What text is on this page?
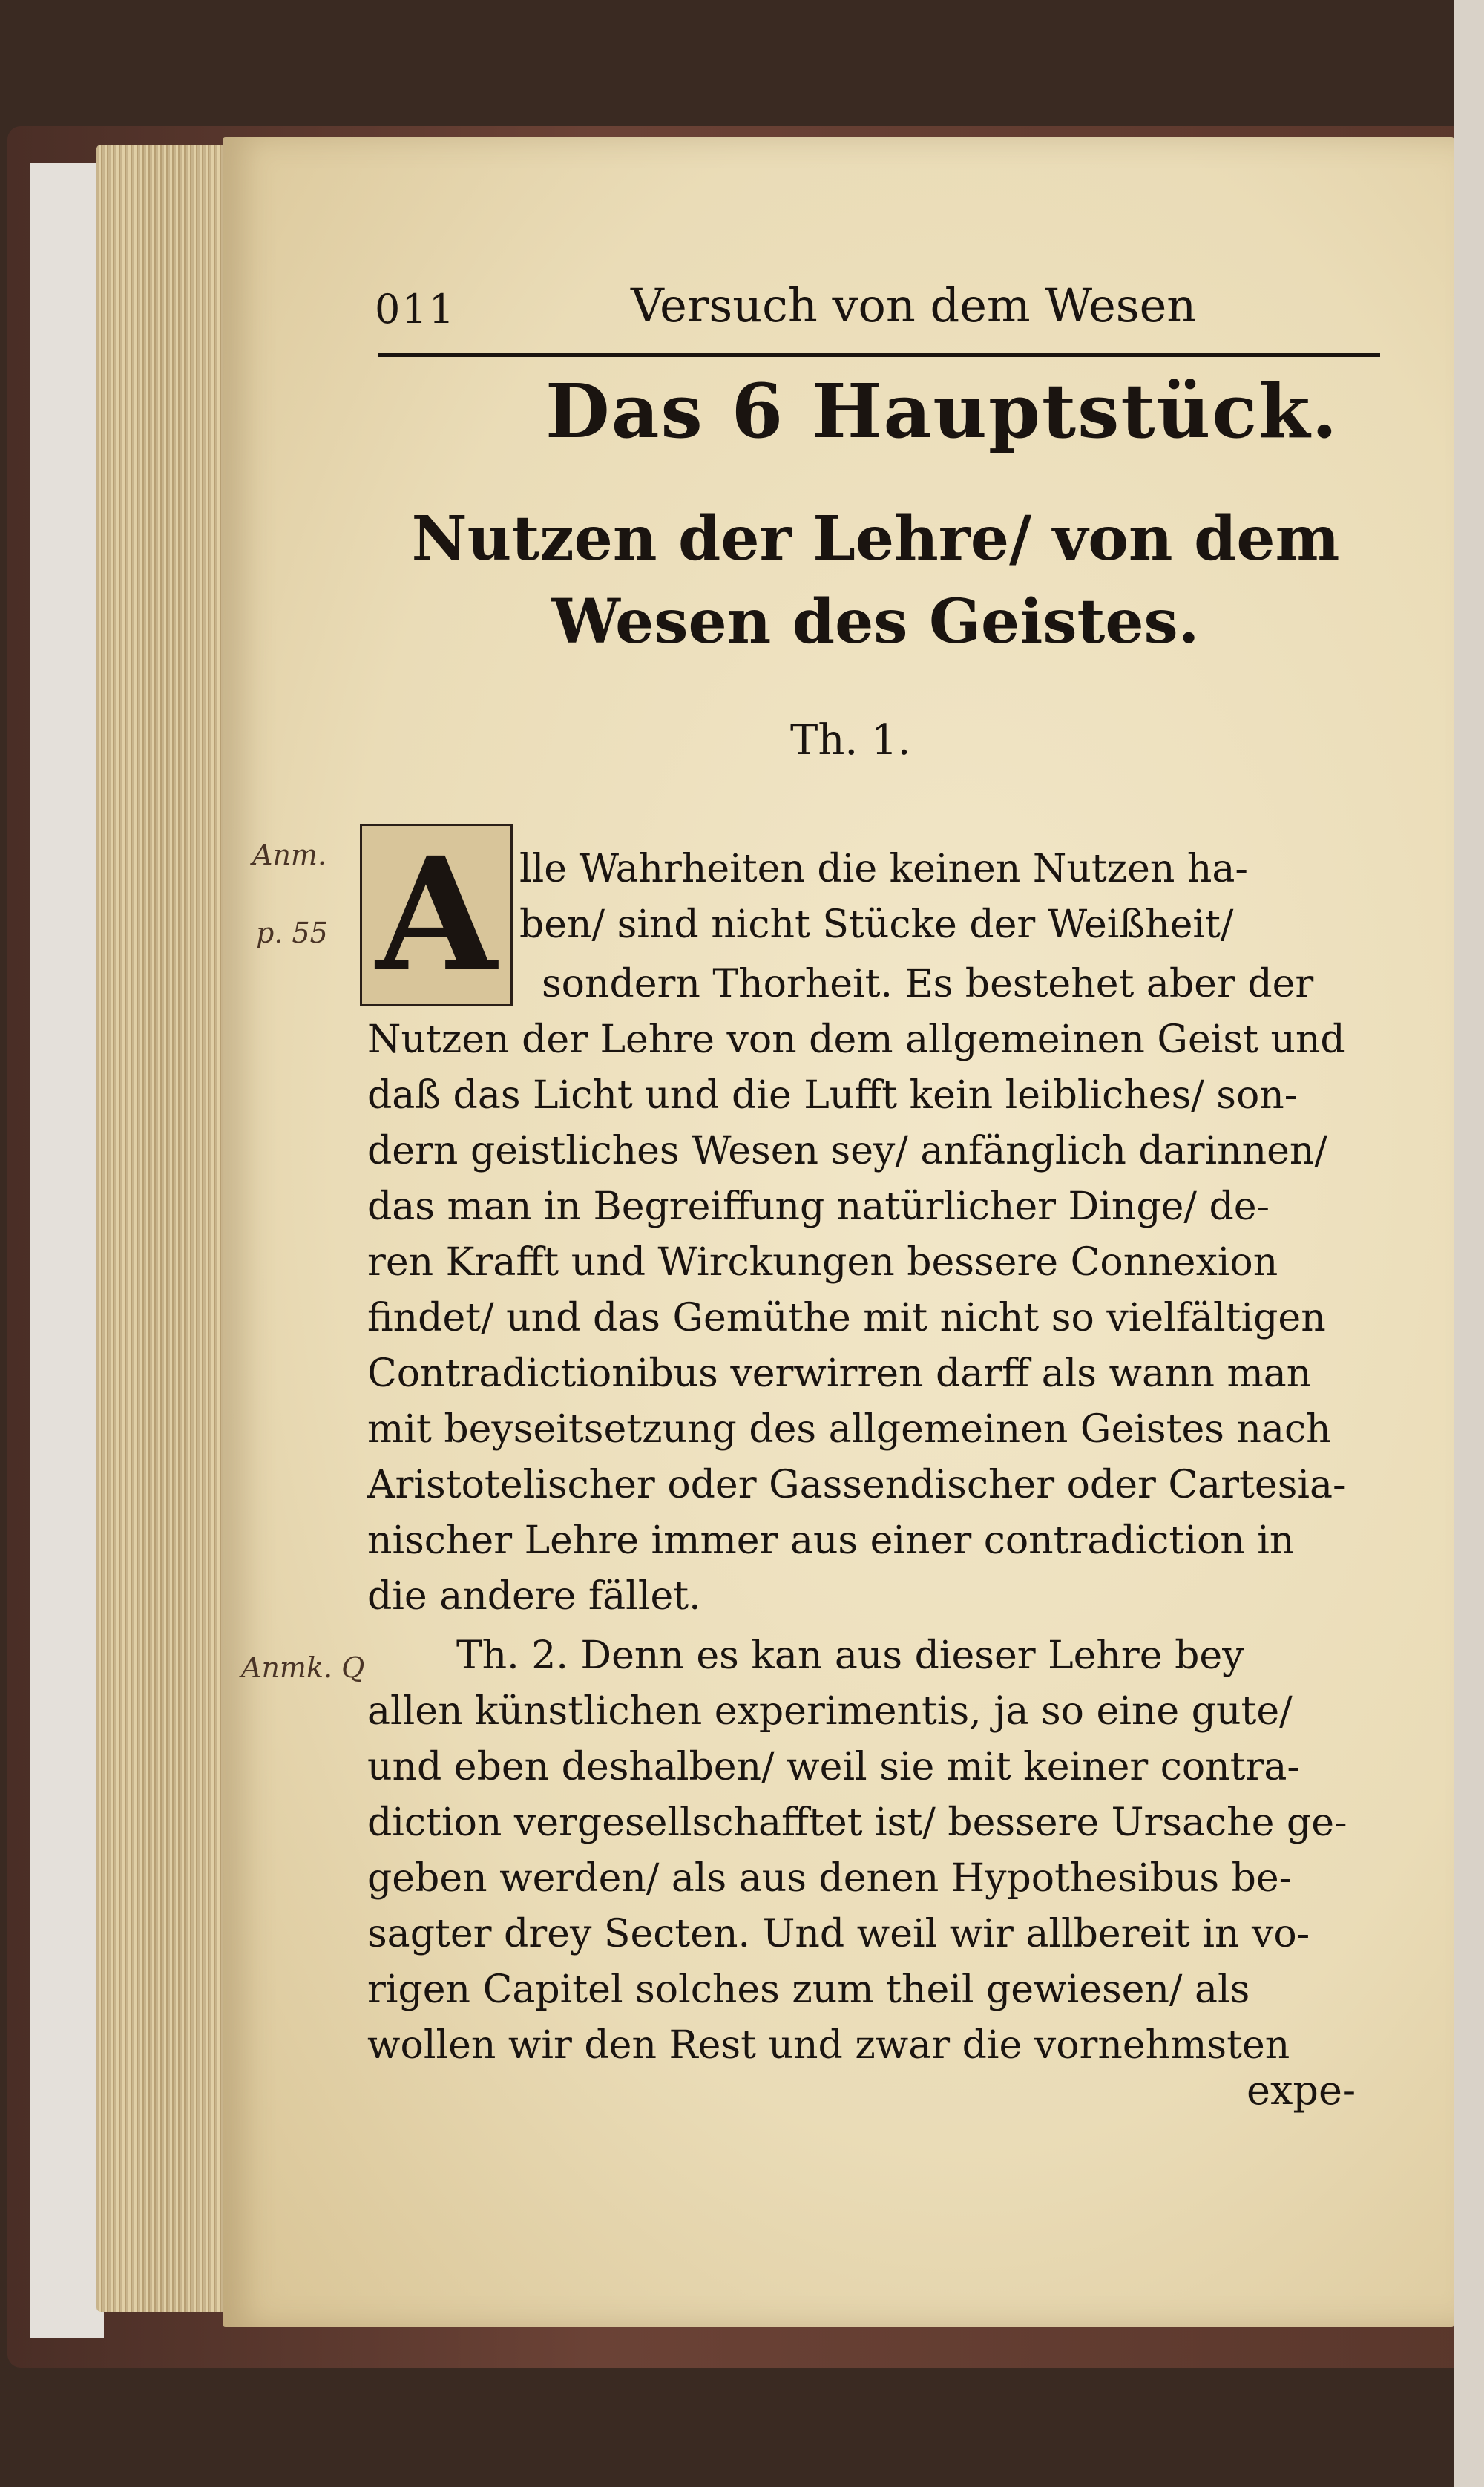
011	Versuch von dem Wesen
Das 6 Hauptstück.
Nutzen der Lehre/ von dem Wesen des Geistes.
Th. 1.
A
Anm.
p. 55
Anmk. Q
lle Wahrheiten die keinen Nutzen ha-
ben/ sind nicht Stücke der Weißheit/
sondern Thorheit. Es bestehet aber der
Nutzen der Lehre von dem allgemeinen Geist und
daß das Licht und die Lufft kein leibliches/ son-
dern geistliches Wesen sey/ anfänglich darinnen/
das man in Begreiffung natürlicher Dinge/ de-
ren Krafft und Wirckungen bessere Connexion
findet/ und das Gemüthe mit nicht so vielfältigen
Contradictionibus verwirren darff als wann man
mit beyseitsetzung des allgemeinen Geistes nach
Aristotelischer oder Gassendischer oder Cartesia-
nischer Lehre immer aus einer contradiction in
die andere fället.
Th. 2. Denn es kan aus dieser Lehre bey
allen künstlichen experimentis, ja so eine gute/
und eben deshalben/ weil sie mit keiner contra-
diction vergesellschafftet ist/ bessere Ursache ge-
geben werden/ als aus denen Hypothesibus be-
sagter drey Secten. Und weil wir allbereit in vo-
rigen Capitel solches zum theil gewiesen/ als
wollen wir den Rest und zwar die vornehmsten
expe-
